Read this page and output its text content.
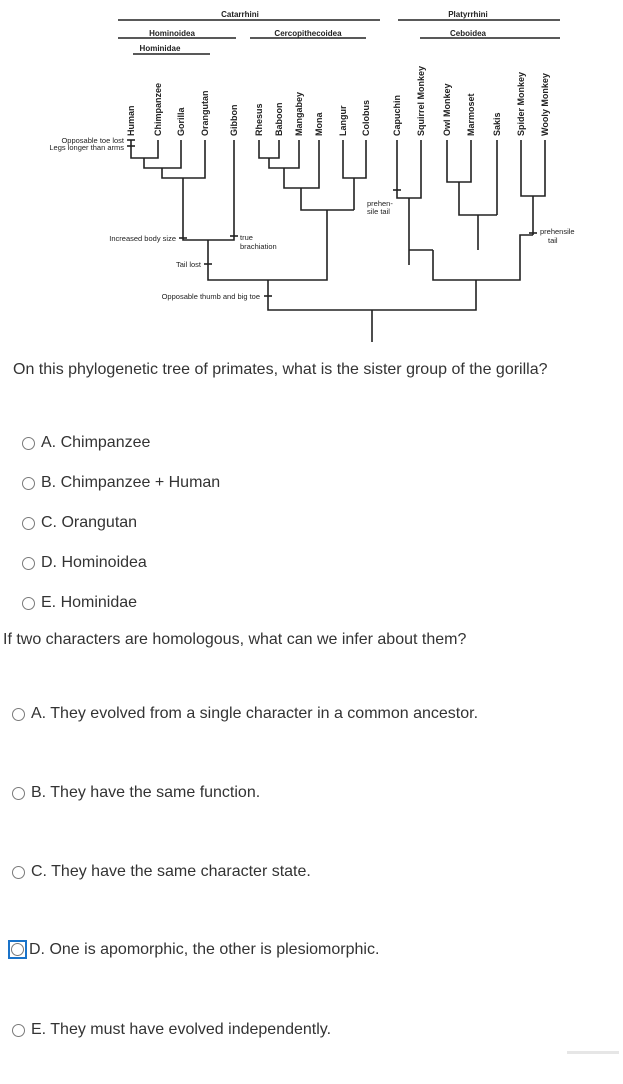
Catarrhini	Platyrrhini
Hominoidea	Cercopithecoidea	Ceboidea
Hominidae
Human Chimpanzee Gorilla Orangutan Gibbon Rhesus Baboon Mangabey Mona Langur Colobus Capuchin Squirrel Monkey Owl Monkey Marmoset Sakis Spider Monkey Wooly Monkey
Opposable toe lost
Legs longer than arms
Increased body size
Tail lost
true
brachiation
prehen-
sile tail
prehensile
tail
Opposable thumb and big toe
On this phylogenetic tree of primates, what is the sister group of the gorilla?
A. Chimpanzee
B. Chimpanzee + Human
C. Orangutan
D. Hominoidea
E. Hominidae
If two characters are homologous, what can we infer about them?
A. They evolved from a single character in a common ancestor.
B. They have the same function.
C. They have the same character state.
D. One is apomorphic, the other is plesiomorphic.
E. They must have evolved independently.
